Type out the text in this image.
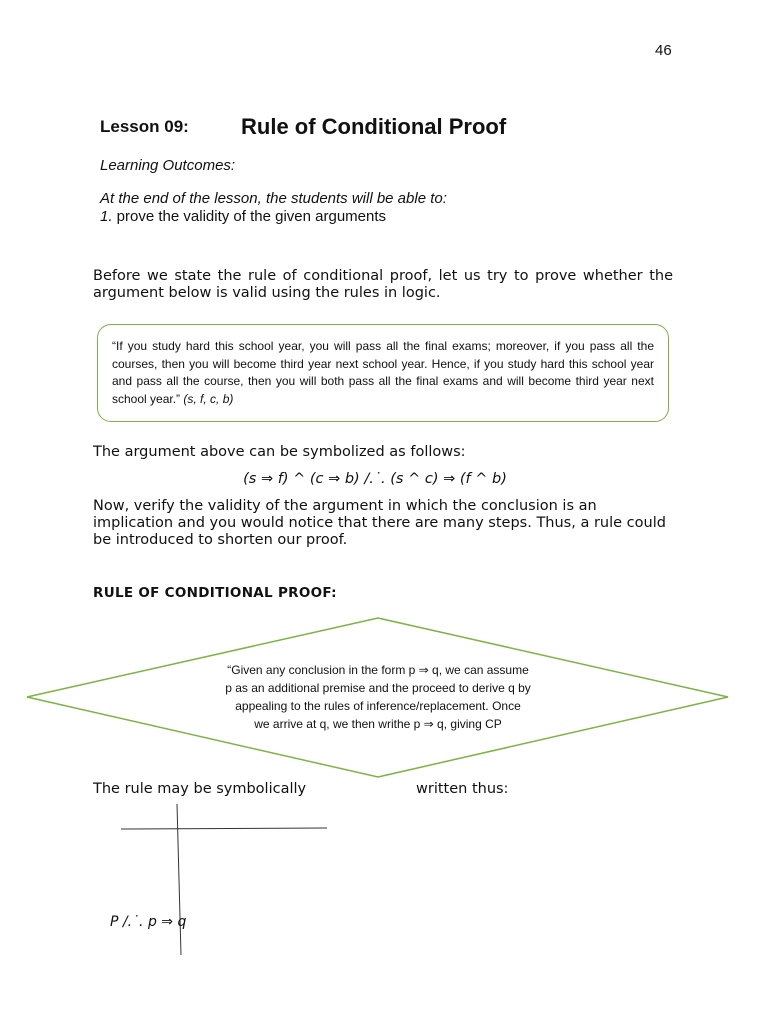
46
Lesson 09: Rule of Conditional Proof
Learning Outcomes:
At the end of the lesson, the students will be able to:
1. prove the validity of the given arguments
Before we state the rule of conditional proof, let us try to prove whether the argument below is valid using the rules in logic.

“If you study hard this school year, you will pass all the final exams; moreover, if you pass all the courses, then you will become third year next school year. Hence, if you study hard this school year and pass all the course, then you will both pass all the final exams and will become third year next school year.” (s, f, c, b)

The argument above can be symbolized as follows:
(s ⇒ f) ^ (c ⇒ b) /.˙. (s ^ c) ⇒ (f ^ b)
Now, verify the validity of the argument in which the conclusion is an implication and you would notice that there are many steps. Thus, a rule could be introduced to shorten our proof.
RULE OF CONDITIONAL PROOF:
“Given any conclusion in the form p ⇒ q, we can assume
p as an additional premise and the proceed to derive q by
appealing to the rules of inference/replacement. Once
we arrive at q, we then writhe p ⇒ q, giving CP
The rule may be symbolically	written thus:
P /.˙. p ⇒ q
